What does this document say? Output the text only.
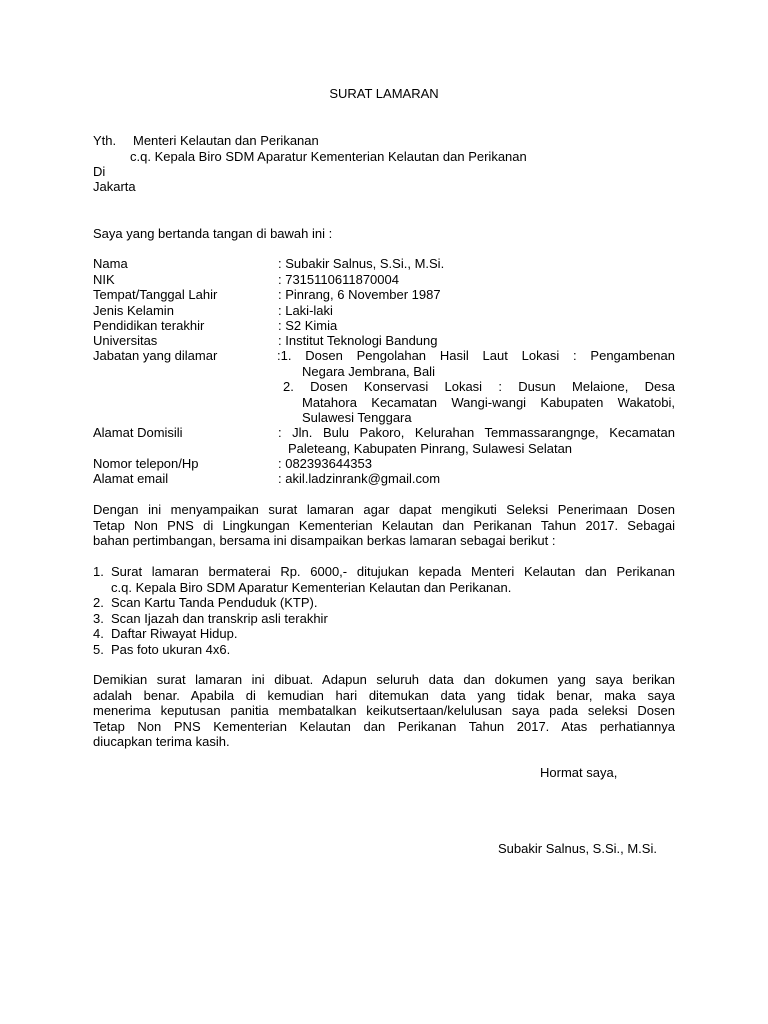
SURAT LAMARAN
Yth. Menteri Kelautan dan Perikanan
c.q. Kepala Biro SDM Aparatur Kementerian Kelautan dan Perikanan
Di
Jakarta
Saya yang bertanda tangan di bawah ini :
Nama	: Subakir Salnus, S.Si., M.Si.
NIK	: 7315110611870004
Tempat/Tanggal Lahir	: Pinrang, 6 November 1987
Jenis Kelamin	: Laki-laki
Pendidikan terakhir	: S2 Kimia
Universitas	: Institut Teknologi Bandung
Jabatan yang dilamar	:1. Dosen Pengolahan Hasil Laut Lokasi : Pengambenan
Negara Jembrana, Bali
2. Dosen Konservasi Lokasi : Dusun Melaione, Desa
Matahora Kecamatan Wangi-wangi Kabupaten Wakatobi,
Sulawesi Tenggara
Alamat Domisili	: Jln. Bulu Pakoro, Kelurahan Temmassarangnge, Kecamatan
Paleteang, Kabupaten Pinrang, Sulawesi Selatan
Nomor telepon/Hp	: 082393644353
Alamat email	: akil.ladzinrank@gmail.com
Dengan ini menyampaikan surat lamaran agar dapat mengikuti Seleksi Penerimaan Dosen
Tetap Non PNS di Lingkungan Kementerian Kelautan dan Perikanan Tahun 2017. Sebagai
bahan pertimbangan, bersama ini disampaikan berkas lamaran sebagai berikut :
1. Surat lamaran bermaterai Rp. 6000,- ditujukan kepada Menteri Kelautan dan Perikanan
c.q. Kepala Biro SDM Aparatur Kementerian Kelautan dan Perikanan.
2. Scan Kartu Tanda Penduduk (KTP).
3. Scan Ijazah dan transkrip asli terakhir
4. Daftar Riwayat Hidup.
5. Pas foto ukuran 4x6.
Demikian surat lamaran ini dibuat. Adapun seluruh data dan dokumen yang saya berikan
adalah benar. Apabila di kemudian hari ditemukan data yang tidak benar, maka saya
menerima keputusan panitia membatalkan keikutsertaan/kelulusan saya pada seleksi Dosen
Tetap Non PNS Kementerian Kelautan dan Perikanan Tahun 2017. Atas perhatiannya
diucapkan terima kasih.
Hormat saya,
Subakir Salnus, S.Si., M.Si.
